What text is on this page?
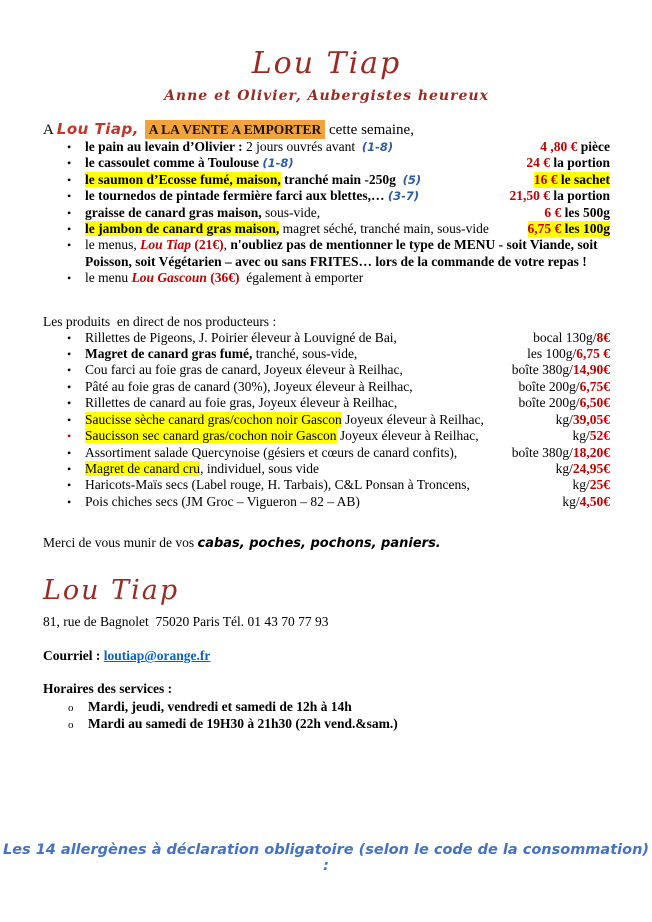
Lou Tiap
Anne et Olivier, Aubergistes heureux
A Lou Tiap, A LA VENTE A EMPORTER cette semaine,
• le pain au levain d’Olivier : 2 jours ouvrés avant  (1-8)	4 ,80 € pièce
• le cassoulet comme à Toulouse (1-8)	24 € la portion
• le saumon d’Ecosse fumé, maison, tranché main -250g  (5)	16 € le sachet
• le tournedos de pintade fermière farci aux blettes,… (3-7)	21,50 € la portion
• graisse de canard gras maison, sous-vide,	6 € les 500g
• le jambon de canard gras maison, magret séché, tranché main, sous-vide	6,75 € les 100g
• le menus, Lou Tiap (21€), n'oubliez pas de mentionner le type de MENU - soit Viande, soit Poisson, soit Végétarien – avec ou sans FRITES… lors de la commande de votre repas !
• le menu Lou Gascoun (36€)  également à emporter

Les produits  en direct de nos producteurs :

• Rillettes de Pigeons, J. Poirier éleveur à Louvigné de Bai,	bocal 130g/8€
• Magret de canard gras fumé, tranché, sous-vide,	les 100g/6,75 €
• Cou farci au foie gras de canard, Joyeux éleveur à Reilhac,	boîte 380g/14,90€
• Pâté au foie gras de canard (30%), Joyeux éleveur à Reilhac,	boîte 200g/6,75€
• Rillettes de canard au foie gras, Joyeux éleveur à Reilhac,	boîte 200g/6,50€
• Saucisse sèche canard gras/cochon noir Gascon Joyeux éleveur à Reilhac,	kg/39,05€
• Saucisson sec canard gras/cochon noir Gascon Joyeux éleveur à Reilhac,	kg/52€
• Assortiment salade Quercynoise (gésiers et cœurs de canard confits),	boîte 380g/18,20€
• Magret de canard cru, individuel, sous vide	kg/24,95€
• Haricots-Maïs secs (Label rouge, H. Tarbais), C&L Ponsan à Troncens,	kg/25€
• Pois chiches secs (JM Groc – Vigueron – 82 – AB)	kg/4,50€

Merci de vous munir de vos cabas, poches, pochons, paniers.

Lou Tiap
81, rue de Bagnolet  75020 Paris Tél. 01 43 70 77 93

Courriel : loutiap@orange.fr

Horaires des services :

o Mardi, jeudi, vendredi et samedi de 12h à 14h
o Mardi au samedi de 19H30 à 21h30 (22h vend.&sam.)
Les 14 allergènes à déclaration obligatoire (selon le code de la consommation) :
